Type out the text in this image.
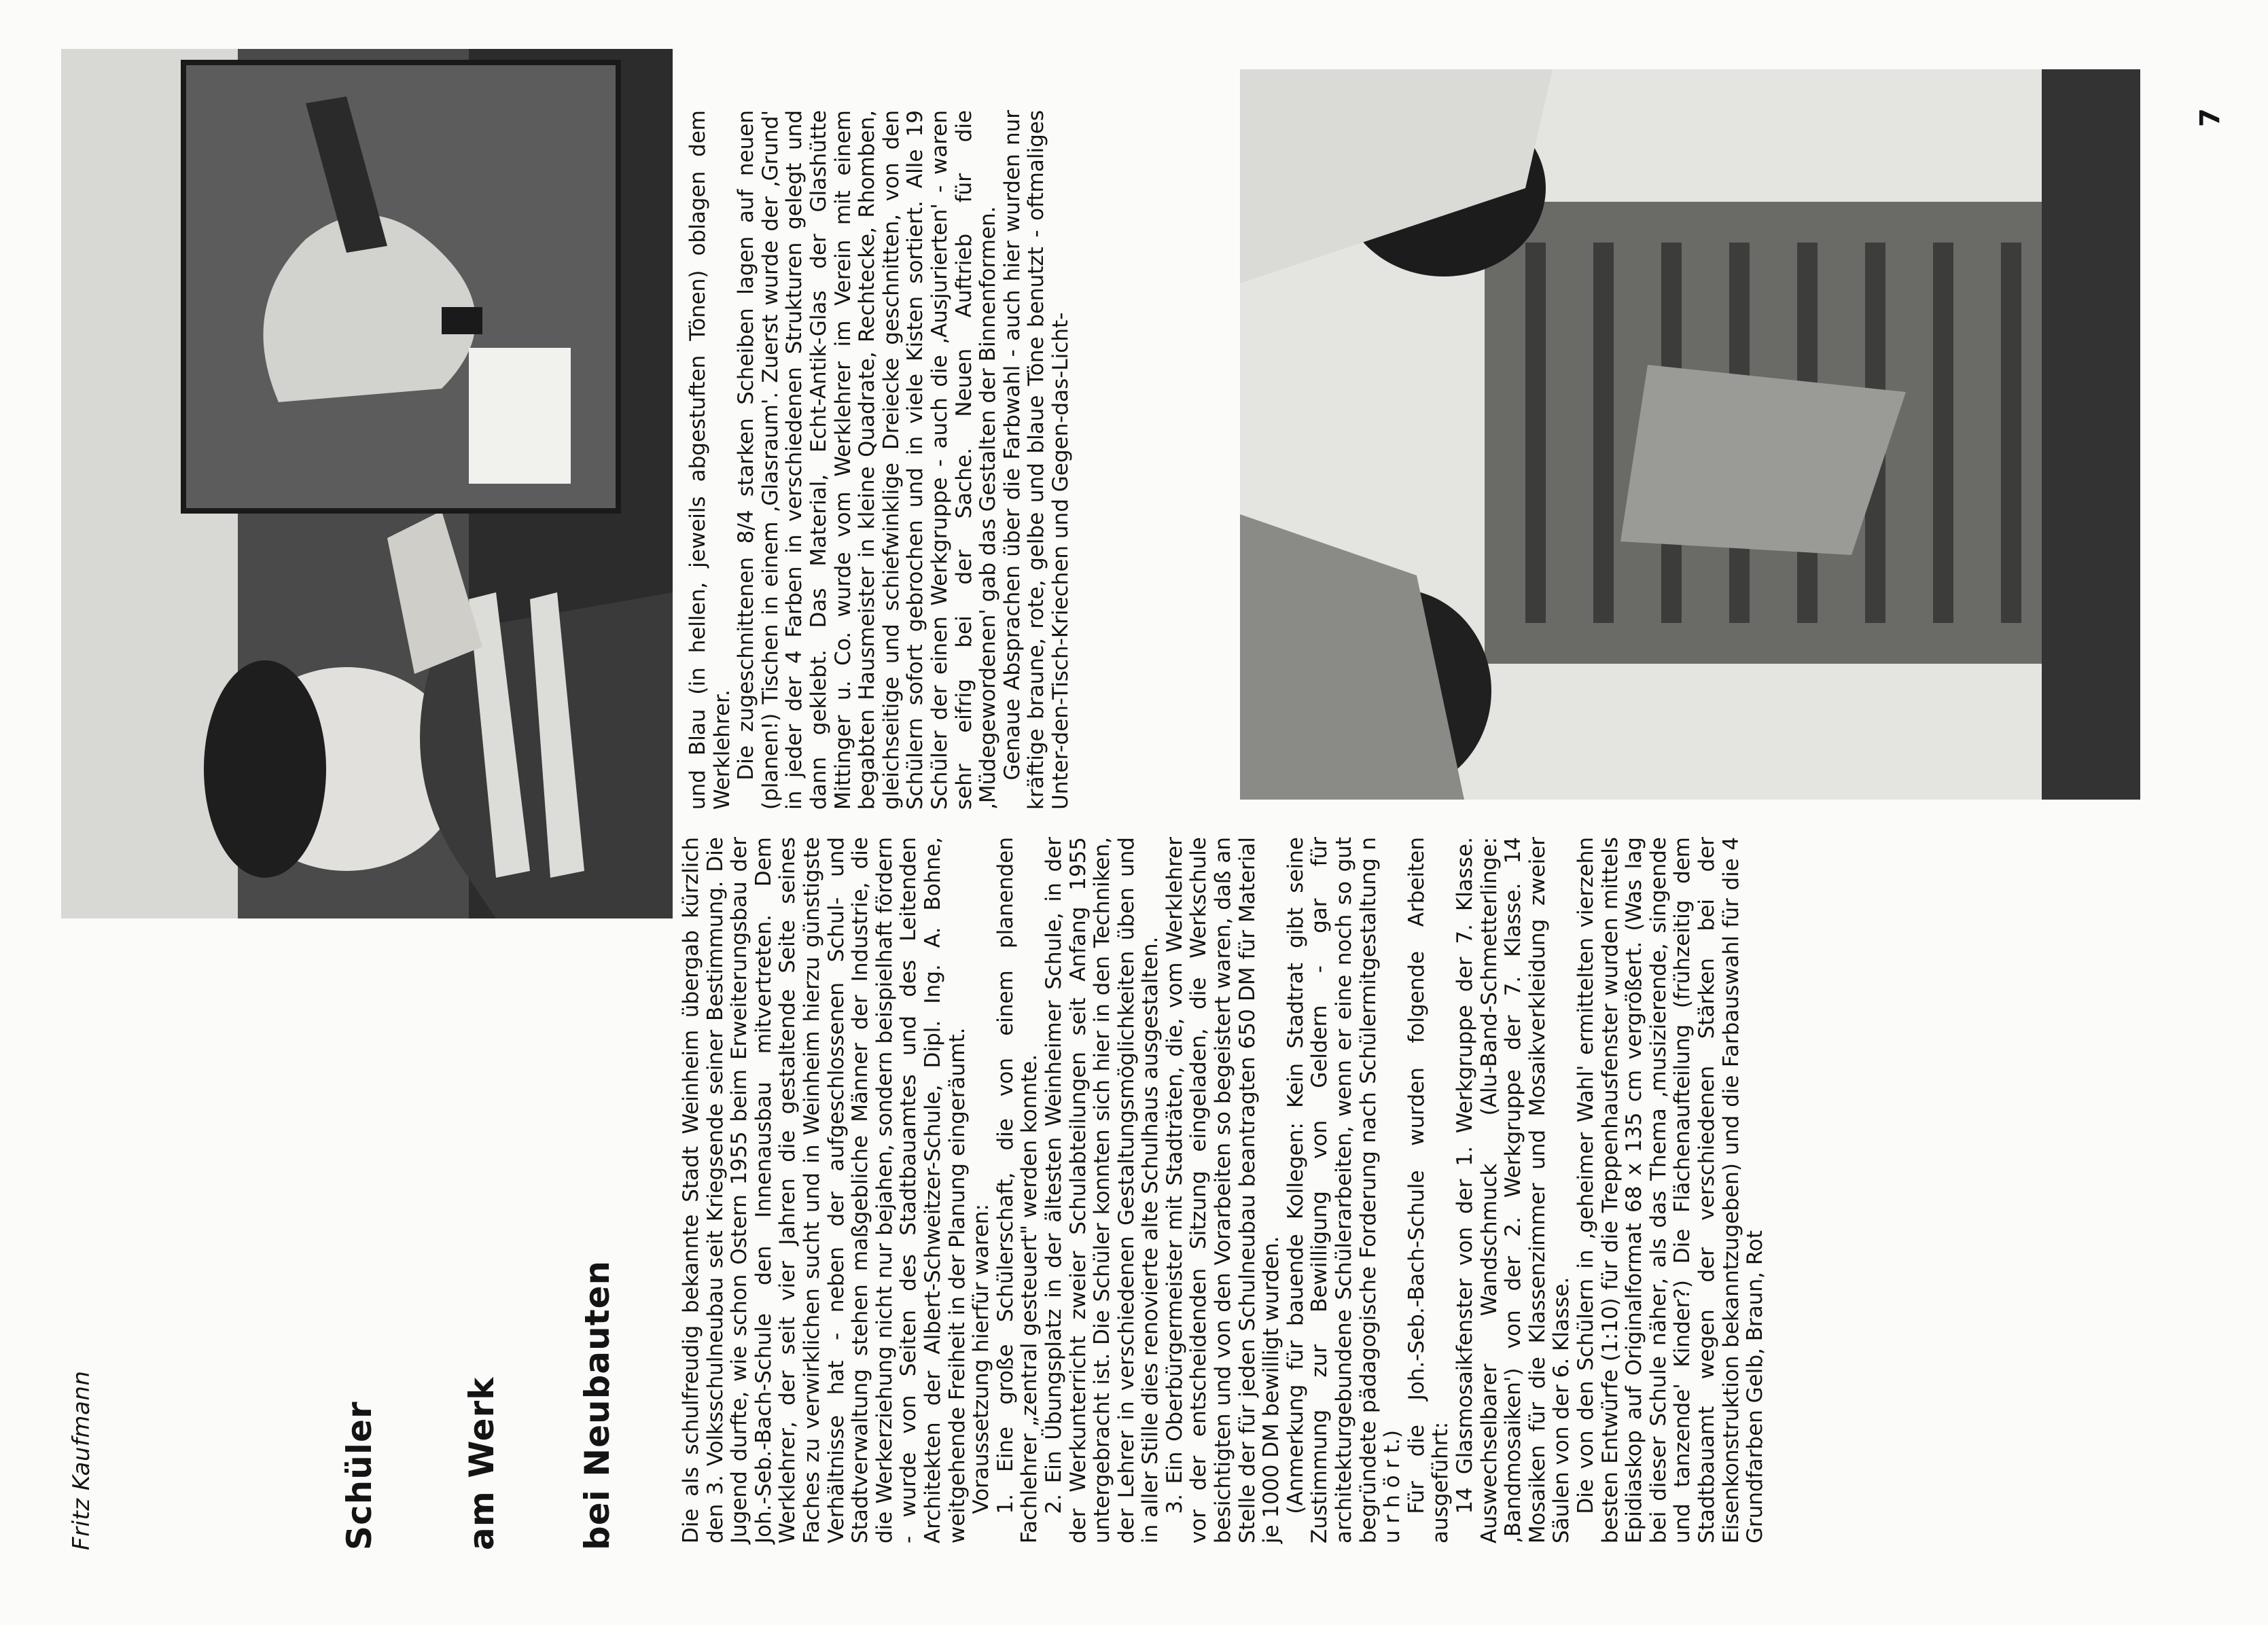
Fritz Kaufmann	Schüler am Werk bei Neubauten	Die als schulfreudig bekannte Stadt Weinheim übergab kürzlich den 3. Volksschulneubau seit Kriegsende seiner Bestimmung. Die Jugend durfte, wie schon Ostern 1955 beim Erweiterungsbau der Joh.-Seb.-Bach-Schule den Innenausbau mitvertreten. Dem Werklehrer, der seit vier Jahren die gestaltende Seite seines Faches zu verwirklichen sucht und in Weinheim hierzu günstigste Verhältnisse hat - neben der aufgeschlossenen Schul- und Stadtverwaltung stehen maßgebliche Männer der Industrie, die die Werkerziehung nicht nur bejahen, sondern beispielhaft fördern - wurde von Seiten des Stadtbauamtes und des Leitenden Architekten der Albert-Schweitzer-Schule, Dipl. Ing. A. Bohne, weitgehende Freiheit in der Planung eingeräumt. Voraussetzung hierfür waren: 1. Eine große Schülerschaft, die von einem planenden Fachlehrer „zentral gesteuert" werden konnte. 2. Ein Übungsplatz in der ältesten Weinheimer Schule, in der der Werkunterricht zweier Schulabteilungen seit Anfang 1955 untergebracht ist. Die Schüler konnten sich hier in den Techniken, der Lehrer in verschiedenen Gestaltungsmöglichkeiten üben und in aller Stille dies renovierte alte Schulhaus ausgestalten. 3. Ein Oberbürgermeister mit Stadträten, die, vom Werklehrer vor der entscheidenden Sitzung eingeladen, die Werkschule besichtigten und von den Vorarbeiten so begeistert waren, daß an Stelle der für jeden Schulneubau beantragten 650 DM für Material je 1000 DM bewilligt wurden. (Anmerkung für bauende Kollegen: Kein Stadtrat gibt seine Zustimmung zur Bewilligung von Geldern - gar für architekturgebundene Schülerarbeiten, wenn er eine noch so gut begründete pädagogische Forderung nach Schülermitgestaltung n u r h ö r t.) Für die Joh.-Seb.-Bach-Schule wurden folgende Arbeiten ausgeführt: 14 Glasmosaikfenster von der 1. Werkgruppe der 7. Klasse. Auswechselbarer Wandschmuck (Alu-Band-Schmetterlinge: ‚Bandmosaiken') von der 2. Werkgruppe der 7. Klasse. 14 Mosaiken für die Klassenzimmer und Mosaikverkleidung zweier Säulen von der 6. Klasse. Die von den Schülern in ‚geheimer Wahl' ermittelten vierzehn besten Entwürfe (1:10) für die Treppenhausfenster wurden mittels Epidiaskop auf Originalformat 68 x 135 cm vergrößert. (Was lag bei dieser Schule näher, als das Thema ‚musizierende, singende und tanzende' Kinder?) Die Flächenaufteilung (frühzeitig dem Stadtbauamt wegen der verschiedenen Stärken bei der Eisenkonstruktion bekanntzugeben) und die Farbauswahl für die 4 Grundfarben Gelb, Braun, Rot

und Blau (in hellen, jeweils abgestuften Tönen) oblagen dem Werklehrer. Die zugeschnittenen 8/4 starken Scheiben lagen auf neuen (planen!) Tischen in einem ‚Glasraum'. Zuerst wurde der ‚Grund' in jeder der 4 Farben in verschiedenen Strukturen gelegt und dann geklebt. Das Material, Echt-Antik-Glas der Glashütte Mittinger u. Co. wurde vom Werklehrer im Verein mit einem begabten Hausmeister in kleine Quadrate, Rechtecke, Rhomben, gleichseitige und schiefwinklige Dreiecke geschnitten, von den Schülern sofort gebrochen und in viele Kisten sortiert. Alle 19 Schüler der einen Werkgruppe - auch die ‚Ausjurierten' - waren sehr eifrig bei der Sache. Neuen Auftrieb für die ‚Müdegewordenen' gab das Gestalten der Binnenformen. Genaue Absprachen über die Farbwahl - auch hier wurden nur kräftige braune, rote, gelbe und blaue Töne benutzt - oftmaliges Unter-den-Tisch-Kriechen und Gegen-das-Licht-

7
